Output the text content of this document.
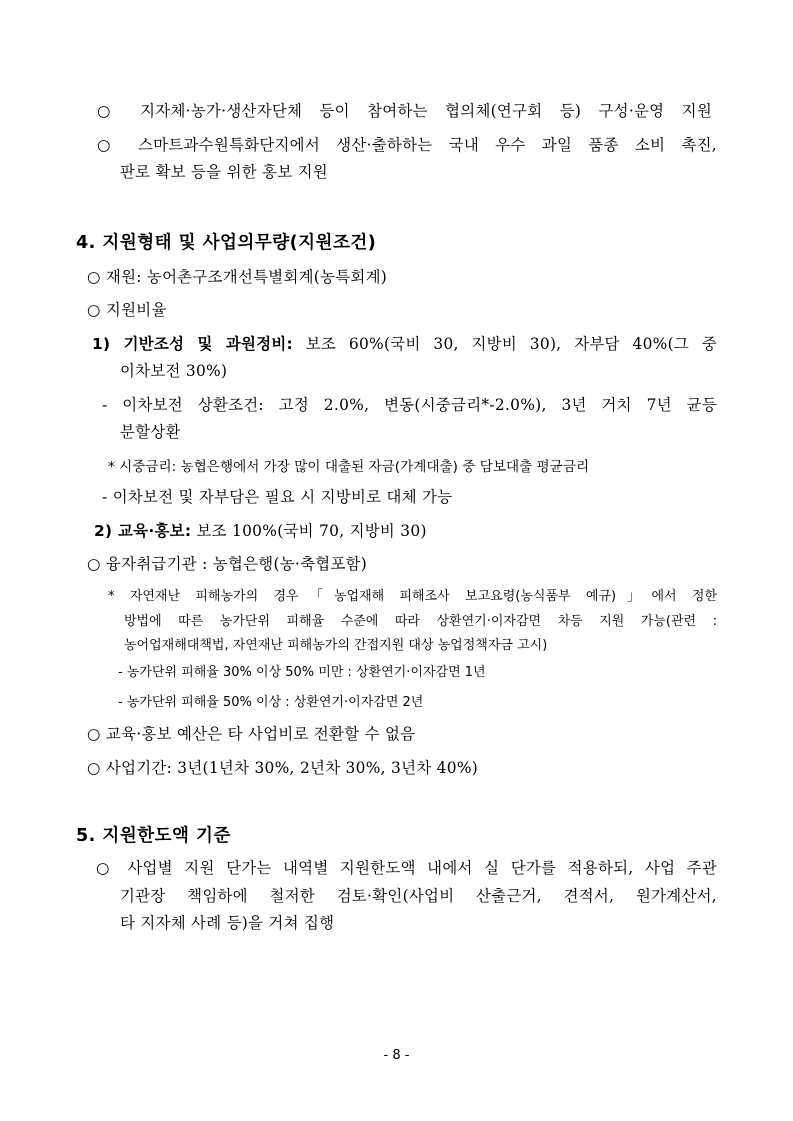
○ 지자체·농가·생산자단체 등이 참여하는 협의체(연구회 등) 구성·운영 지원
○ 스마트과수원특화단지에서 생산·출하하는 국내 우수 과일 품종 소비 촉진,
판로 확보 등을 위한 홍보 지원
4. 지원형태 및 사업의무량(지원조건)
○ 재원: 농어촌구조개선특별회계(농특회계)
○ 지원비율
1) 기반조성 및 과원정비: 보조 60%(국비 30, 지방비 30), 자부담 40%(그 중
이차보전 30%)
- 이차보전 상환조건: 고정 2.0%, 변동(시중금리*-2.0%), 3년 거치 7년 균등
분할상환
* 시중금리: 농협은행에서 가장 많이 대출된 자금(가계대출) 중 담보대출 평균금리
- 이차보전 및 자부담은 필요 시 지방비로 대체 가능
2) 교육·홍보: 보조 100%(국비 70, 지방비 30)
○ 융자취급기관 : 농협은행(농·축협포함)
* 자연재난 피해농가의 경우「농업재해 피해조사 보고요령(농식품부 예규)」에서 정한
방법에 따른 농가단위 피해율 수준에 따라 상환연기·이자감면 차등 지원 가능(관련 :
농어업재해대책법, 자연재난 피해농가의 간접지원 대상 농업정책자금 고시)
- 농가단위 피해율 30% 이상 50% 미만 : 상환연기·이자감면 1년
- 농가단위 피해율 50% 이상 : 상환연기·이자감면 2년
○ 교육·홍보 예산은 타 사업비로 전환할 수 없음
○ 사업기간: 3년(1년차 30%, 2년차 30%, 3년차 40%)
5. 지원한도액 기준
○ 사업별 지원 단가는 내역별 지원한도액 내에서 실 단가를 적용하되, 사업 주관
기관장 책임하에 철저한 검토·확인(사업비 산출근거, 견적서, 원가계산서,
타 지자체 사례 등)을 거쳐 집행
- 8 -
